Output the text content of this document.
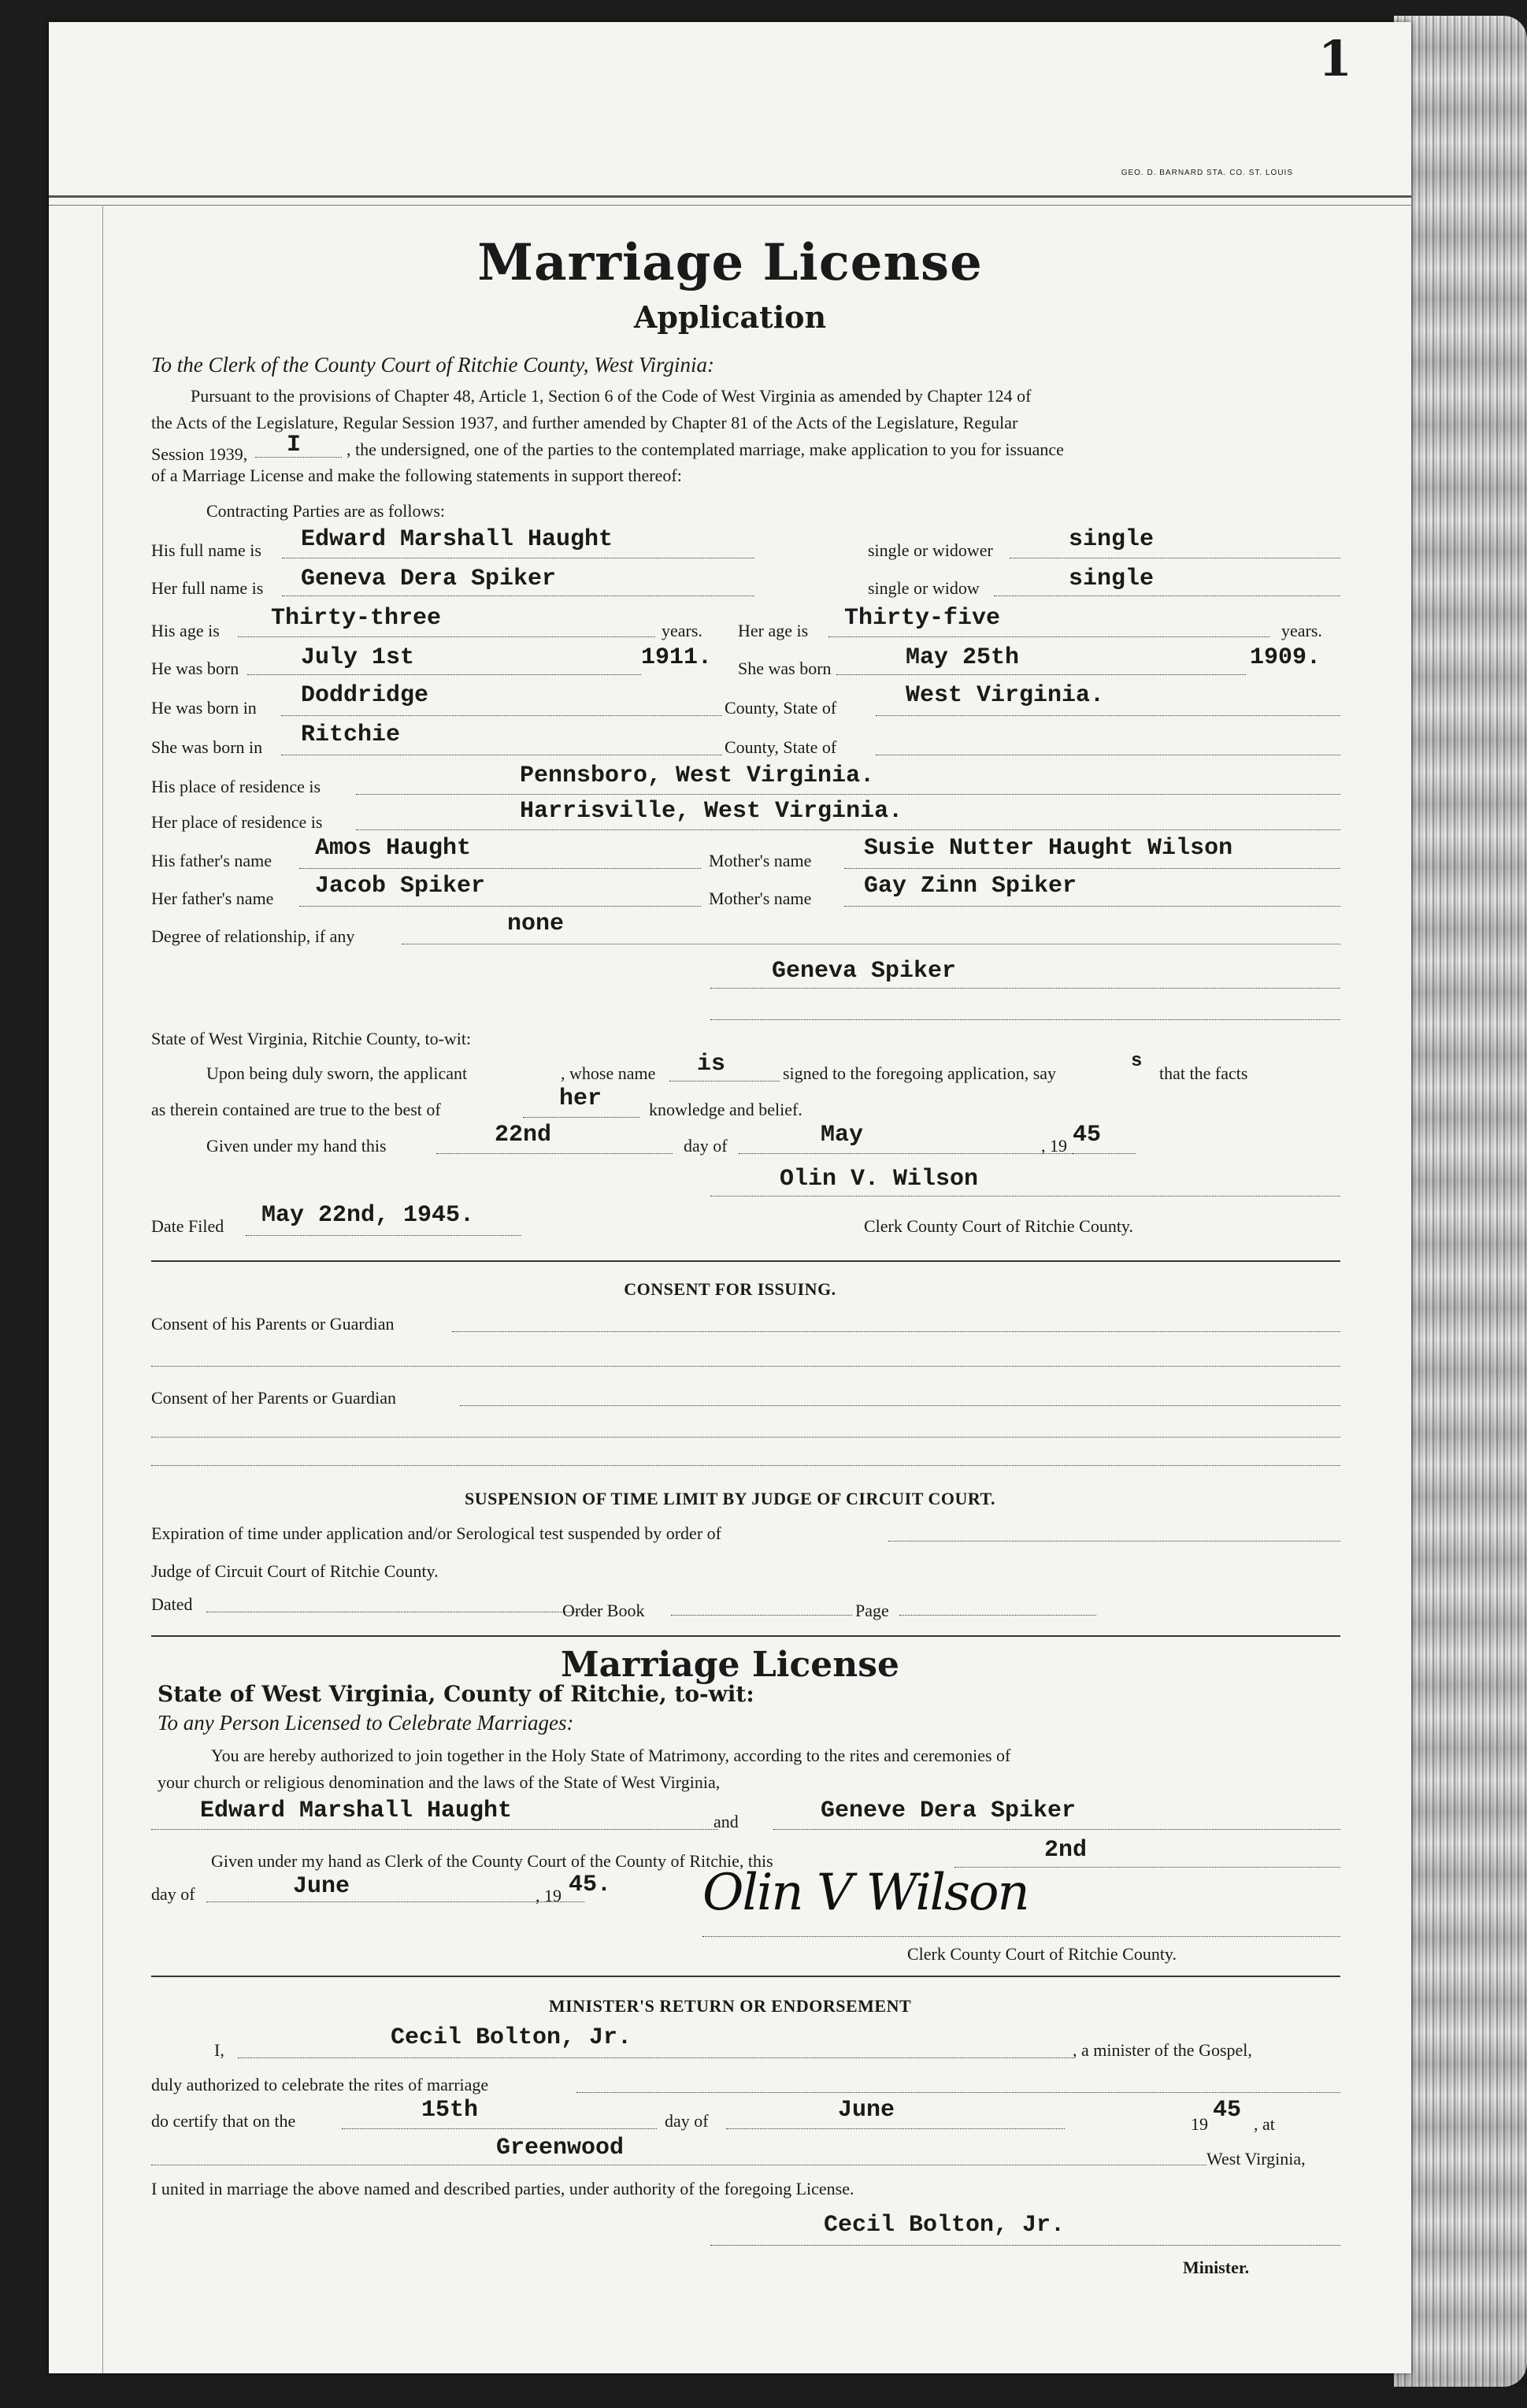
1
GEO. D. BARNARD STA. CO. ST. LOUIS
Marriage License
Application
To the Clerk of the County Court of Ritchie County, West Virginia:
Pursuant to the provisions of Chapter 48, Article 1, Section 6 of the Code of West Virginia as amended by Chapter 124 of
the Acts of the Legislature, Regular Session 1937, and further amended by Chapter 81 of the Acts of the Legislature, Regular
Session 1939, I	, the undersigned, one of the parties to the contemplated marriage, make application to you for issuance
of a Marriage License and make the following statements in support thereof:
Contracting Parties are as follows:
His full name is Edward Marshall Haught	single or widower	single
Her full name is Geneva Dera Spiker	single or widow	single
His age is Thirty-three	years. Her age is Thirty-five	years.
He was born	July 1st	1911. She was born	May 25th	1909.
He was born in Doddridge	County, State of	West Virginia.
She was born in Ritchie	County, State of
His place of residence is	Pennsboro, West Virginia.
Her place of residence is	Harrisville, West Virginia.
His father's name Amos Haught	Mother's name Susie Nutter Haught Wilson
Her father's name Jacob Spiker	Mother's name Gay Zinn Spiker
Degree of relationship, if any	none
Geneva Spiker
State of West Virginia, Ritchie County, to-wit:
Upon being duly sworn, the applicant	, whose name is	signed to the foregoing application, say
s
that the facts
as therein contained are true to the best of	her	knowledge and belief.
Given under my hand this	22nd	day of	May	, 19 45
Olin V. Wilson
Date Filed May 22nd, 1945.	Clerk County Court of Ritchie County.
CONSENT FOR ISSUING.
Consent of his Parents or Guardian
Consent of her Parents or Guardian
SUSPENSION OF TIME LIMIT BY JUDGE OF CIRCUIT COURT.
Expiration of time under application and/or Serological test suspended by order of
Judge of Circuit Court of Ritchie County.
Dated	Order Book	Page
Marriage License
State of West Virginia, County of Ritchie, to-wit:
To any Person Licensed to Celebrate Marriages:
You are hereby authorized to join together in the Holy State of Matrimony, according to the rites and ceremonies of
your church or religious denomination and the laws of the State of West Virginia,
Edward Marshall Haught	and	Geneve Dera Spiker
Given under my hand as Clerk of the County Court of the County of Ritchie, this	2nd
day of	June	, 19 45. Olin V Wilson
Clerk County Court of Ritchie County.
MINISTER'S RETURN OR ENDORSEMENT
I,	Cecil Bolton, Jr.	, a minister of the Gospel,
duly authorized to celebrate the rites of marriage
do certify that on the	15th	day of	June
19
45
, at
Greenwood	West Virginia,
I united in marriage the above named and described parties, under authority of the foregoing License.
Cecil Bolton, Jr.
Minister.
